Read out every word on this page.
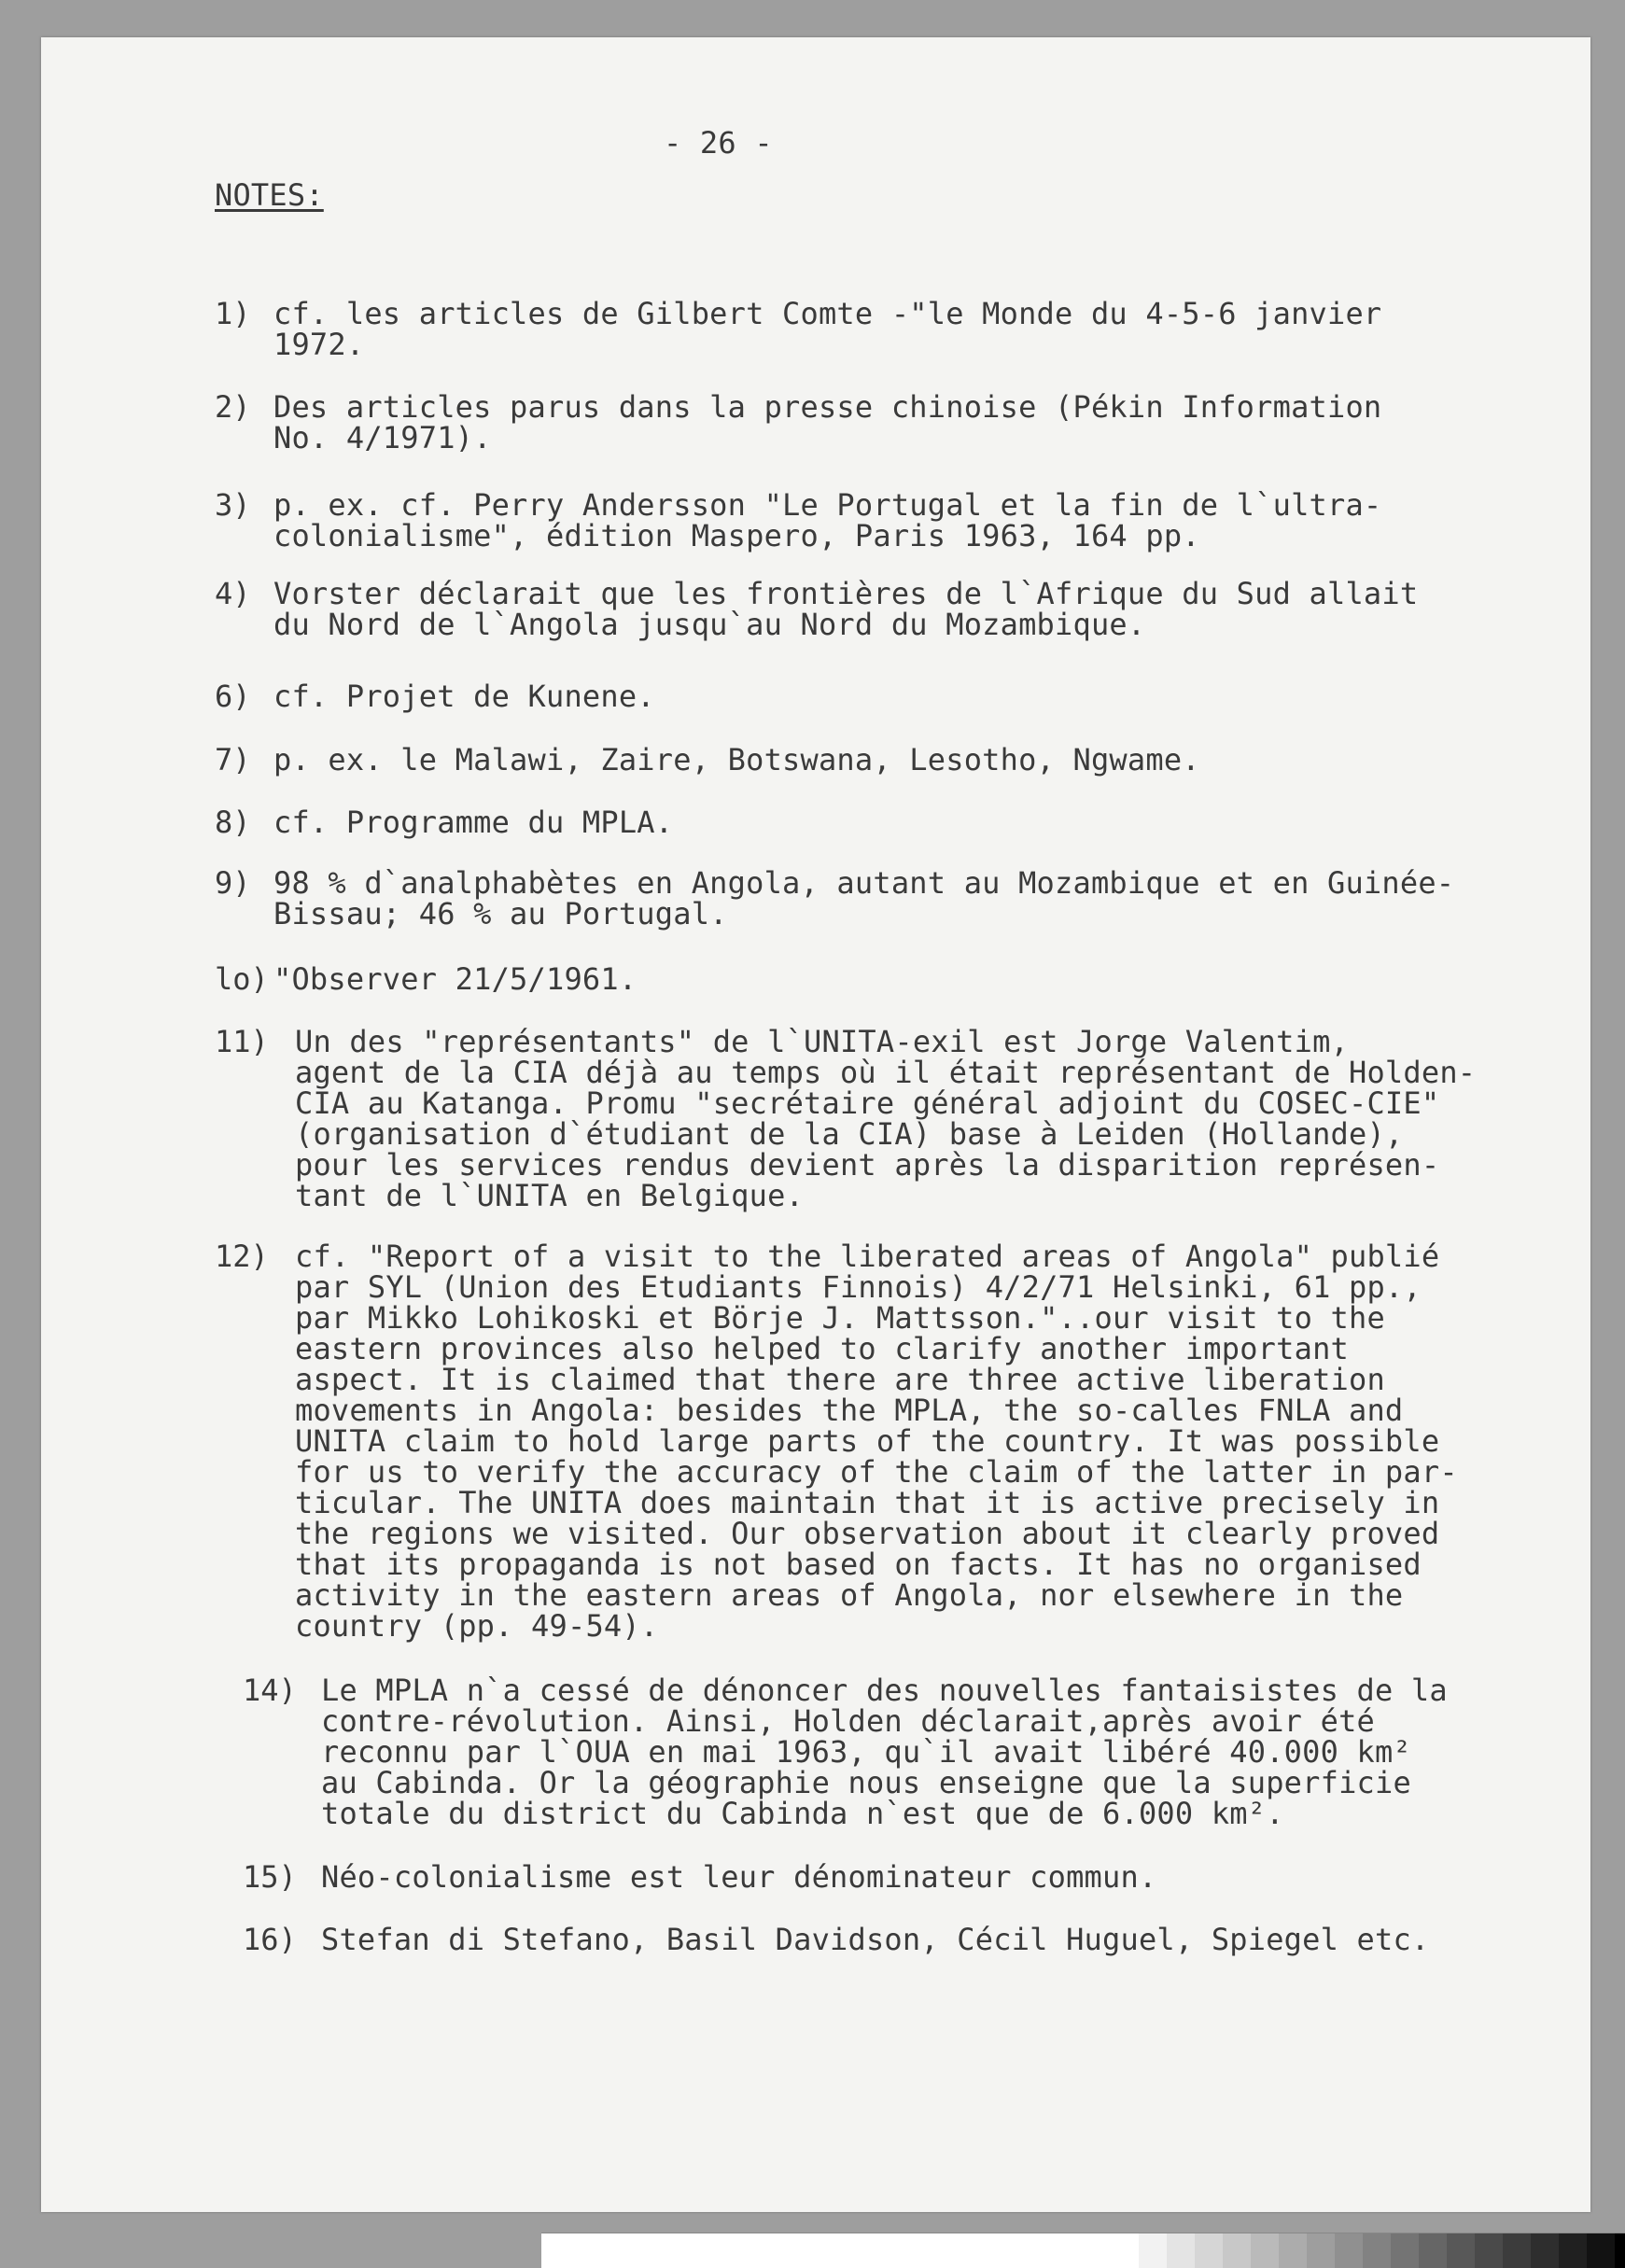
- 26 -
NOTES:
1) cf. les articles de Gilbert Comte -"le Monde du 4-5-6 janvier
1972.
2) Des articles parus dans la presse chinoise (Pékin Information
No. 4/1971).
3) p. ex. cf. Perry Andersson "Le Portugal et la fin de l`ultra-
colonialisme", édition Maspero, Paris 1963, 164 pp.
4) Vorster déclarait que les frontières de l`Afrique du Sud allait
du Nord de l`Angola jusqu`au Nord du Mozambique.
6) cf. Projet de Kunene.
7) p. ex. le Malawi, Zaire, Botswana, Lesotho, Ngwame.
8) cf. Programme du MPLA.
9) 98 % d`analphabètes en Angola, autant au Mozambique et en Guinée-
Bissau; 46 % au Portugal.
lo) "Observer 21/5/1961.
11) Un des "représentants" de l`UNITA-exil est Jorge Valentim,
agent de la CIA déjà au temps où il était représentant de Holden-
CIA au Katanga. Promu "secrétaire général adjoint du COSEC-CIE"
(organisation d`étudiant de la CIA) base à Leiden (Hollande),
pour les services rendus devient après la disparition représen-
tant de l`UNITA en Belgique.
12) cf. "Report of a visit to the liberated areas of Angola" publié
par SYL (Union des Etudiants Finnois) 4/2/71 Helsinki, 61 pp.,
par Mikko Lohikoski et Börje J. Mattsson."..our visit to the
eastern provinces also helped to clarify another important
aspect. It is claimed that there are three active liberation
movements in Angola: besides the MPLA, the so-calles FNLA and
UNITA claim to hold large parts of the country. It was possible
for us to verify the accuracy of the claim of the latter in par-
ticular. The UNITA does maintain that it is active precisely in
the regions we visited. Our observation about it clearly proved
that its propaganda is not based on facts. It has no organised
activity in the eastern areas of Angola, nor elsewhere in the
country (pp. 49-54).
14) Le MPLA n`a cessé de dénoncer des nouvelles fantaisistes de la
contre-révolution. Ainsi, Holden déclarait,après avoir été
reconnu par l`OUA en mai 1963, qu`il avait libéré 40.000 km²
au Cabinda. Or la géographie nous enseigne que la superficie
totale du district du Cabinda n`est que de 6.000 km².
15) Néo-colonialisme est leur dénominateur commun.
16) Stefan di Stefano, Basil Davidson, Cécil Huguel, Spiegel etc.
